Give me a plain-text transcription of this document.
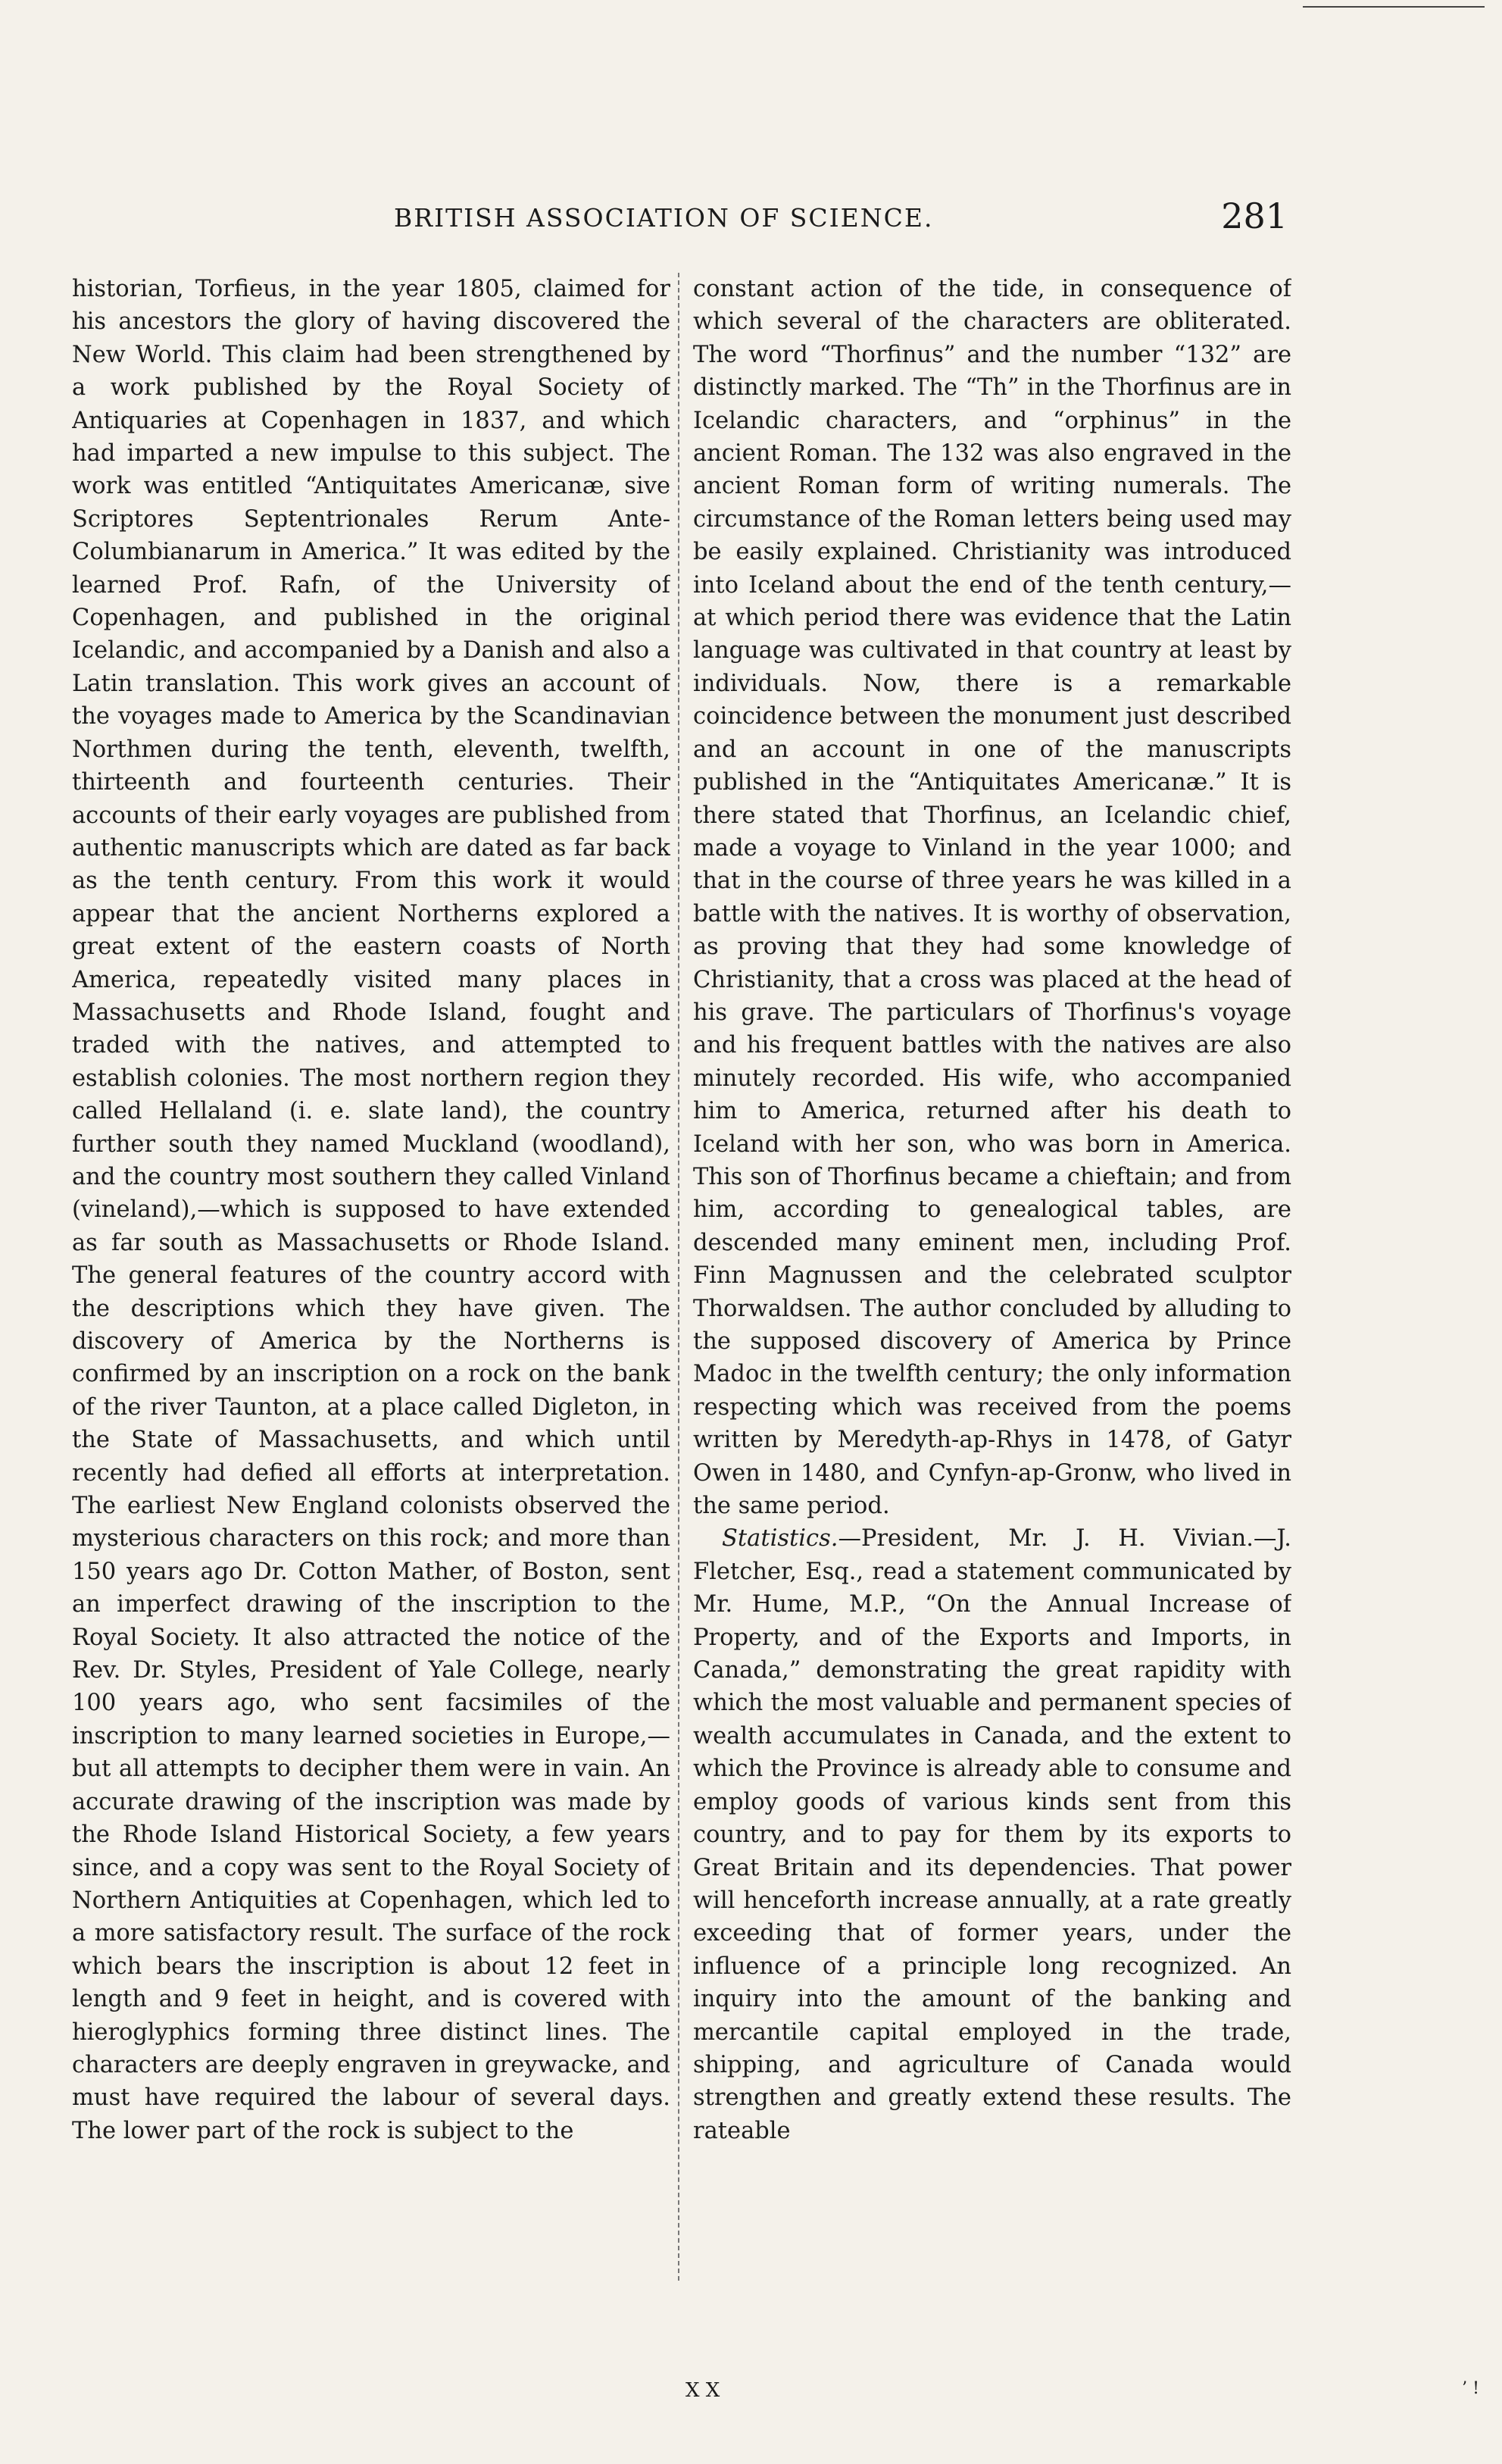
BRITISH ASSOCIATION OF SCIENCE.	281

historian, Torfieus, in the year 1805, claimed for his ancestors the glory of having discovered the New World. This claim had been strengthened by a work published by the Royal Society of Antiquaries at Copenhagen in 1837, and which had imparted a new impulse to this subject. The work was entitled “Antiquitates Americanæ, sive Scriptores Septentrionales Rerum Ante-Columbianarum in America.” It was edited by the learned Prof. Rafn, of the University of Copenhagen, and published in the original Icelandic, and accompanied by a Danish and also a Latin translation. This work gives an account of the voyages made to America by the Scandinavian Northmen during the tenth, eleventh, twelfth, thirteenth and fourteenth centuries. Their accounts of their early voyages are published from authentic manuscripts which are dated as far back as the tenth century. From this work it would appear that the ancient Northerns explored a great extent of the eastern coasts of North America, repeatedly visited many places in Massachusetts and Rhode Island, fought and traded with the natives, and attempted to establish colonies. The most northern region they called Hellaland (i. e. slate land), the country further south they named Muckland (woodland), and the country most southern they called Vinland (vineland),—which is supposed to have extended as far south as Massachusetts or Rhode Island. The general features of the country accord with the descriptions which they have given. The discovery of America by the Northerns is confirmed by an inscription on a rock on the bank of the river Taunton, at a place called Digleton, in the State of Massachusetts, and which until recently had defied all efforts at interpretation. The earliest New England colonists observed the mysterious characters on this rock; and more than 150 years ago Dr. Cotton Mather, of Boston, sent an imperfect drawing of the inscription to the Royal Society. It also attracted the notice of the Rev. Dr. Styles, President of Yale College, nearly 100 years ago, who sent facsimiles of the inscription to many learned societies in Europe,—but all attempts to decipher them were in vain. An accurate drawing of the inscription was made by the Rhode Island Historical Society, a few years since, and a copy was sent to the Royal Society of Northern Antiquities at Copenhagen, which led to a more satisfactory result. The surface of the rock which bears the inscription is about 12 feet in length and 9 feet in height, and is covered with hieroglyphics forming three distinct lines. The characters are deeply engraven in greywacke, and must have required the labour of several days. The lower part of the rock is subject to the

constant action of the tide, in consequence of which several of the characters are obliterated. The word “Thorfinus” and the number “132” are distinctly marked. The “Th” in the Thorfinus are in Icelandic characters, and “orphinus” in the ancient Roman. The 132 was also engraved in the ancient Roman form of writing numerals. The circumstance of the Roman letters being used may be easily explained. Christianity was introduced into Iceland about the end of the tenth century,—at which period there was evidence that the Latin language was cultivated in that country at least by individuals. Now, there is a remarkable coincidence between the monument just described and an account in one of the manuscripts published in the “Antiquitates Americanæ.” It is there stated that Thorfinus, an Icelandic chief, made a voyage to Vinland in the year 1000; and that in the course of three years he was killed in a battle with the natives. It is worthy of observation, as proving that they had some knowledge of Christianity, that a cross was placed at the head of his grave. The particulars of Thorfinus's voyage and his frequent battles with the natives are also minutely recorded. His wife, who accompanied him to America, returned after his death to Iceland with her son, who was born in America. This son of Thorfinus became a chieftain; and from him, according to genealogical tables, are descended many eminent men, including Prof. Finn Magnussen and the celebrated sculptor Thorwaldsen. The author concluded by alluding to the supposed discovery of America by Prince Madoc in the twelfth century; the only information respecting which was received from the poems written by Meredyth-ap-Rhys in 1478, of Gatyr Owen in 1480, and Cynfyn-ap-Gronw, who lived in the same period.

Statistics.—President, Mr. J. H. Vivian.—J. Fletcher, Esq., read a statement communicated by Mr. Hume, M.P., “On the Annual Increase of Property, and of the Exports and Imports, in Canada,” demonstrating the great rapidity with which the most valuable and permanent species of wealth accumulates in Canada, and the extent to which the Province is already able to consume and employ goods of various kinds sent from this country, and to pay for them by its exports to Great Britain and its dependencies. That power will henceforth increase annually, at a rate greatly exceeding that of former years, under the influence of a principle long recognized. An inquiry into the amount of the banking and mercantile capital employed in the trade, shipping, and agriculture of Canada would strengthen and greatly extend these results. The rateable

X X	’ !
